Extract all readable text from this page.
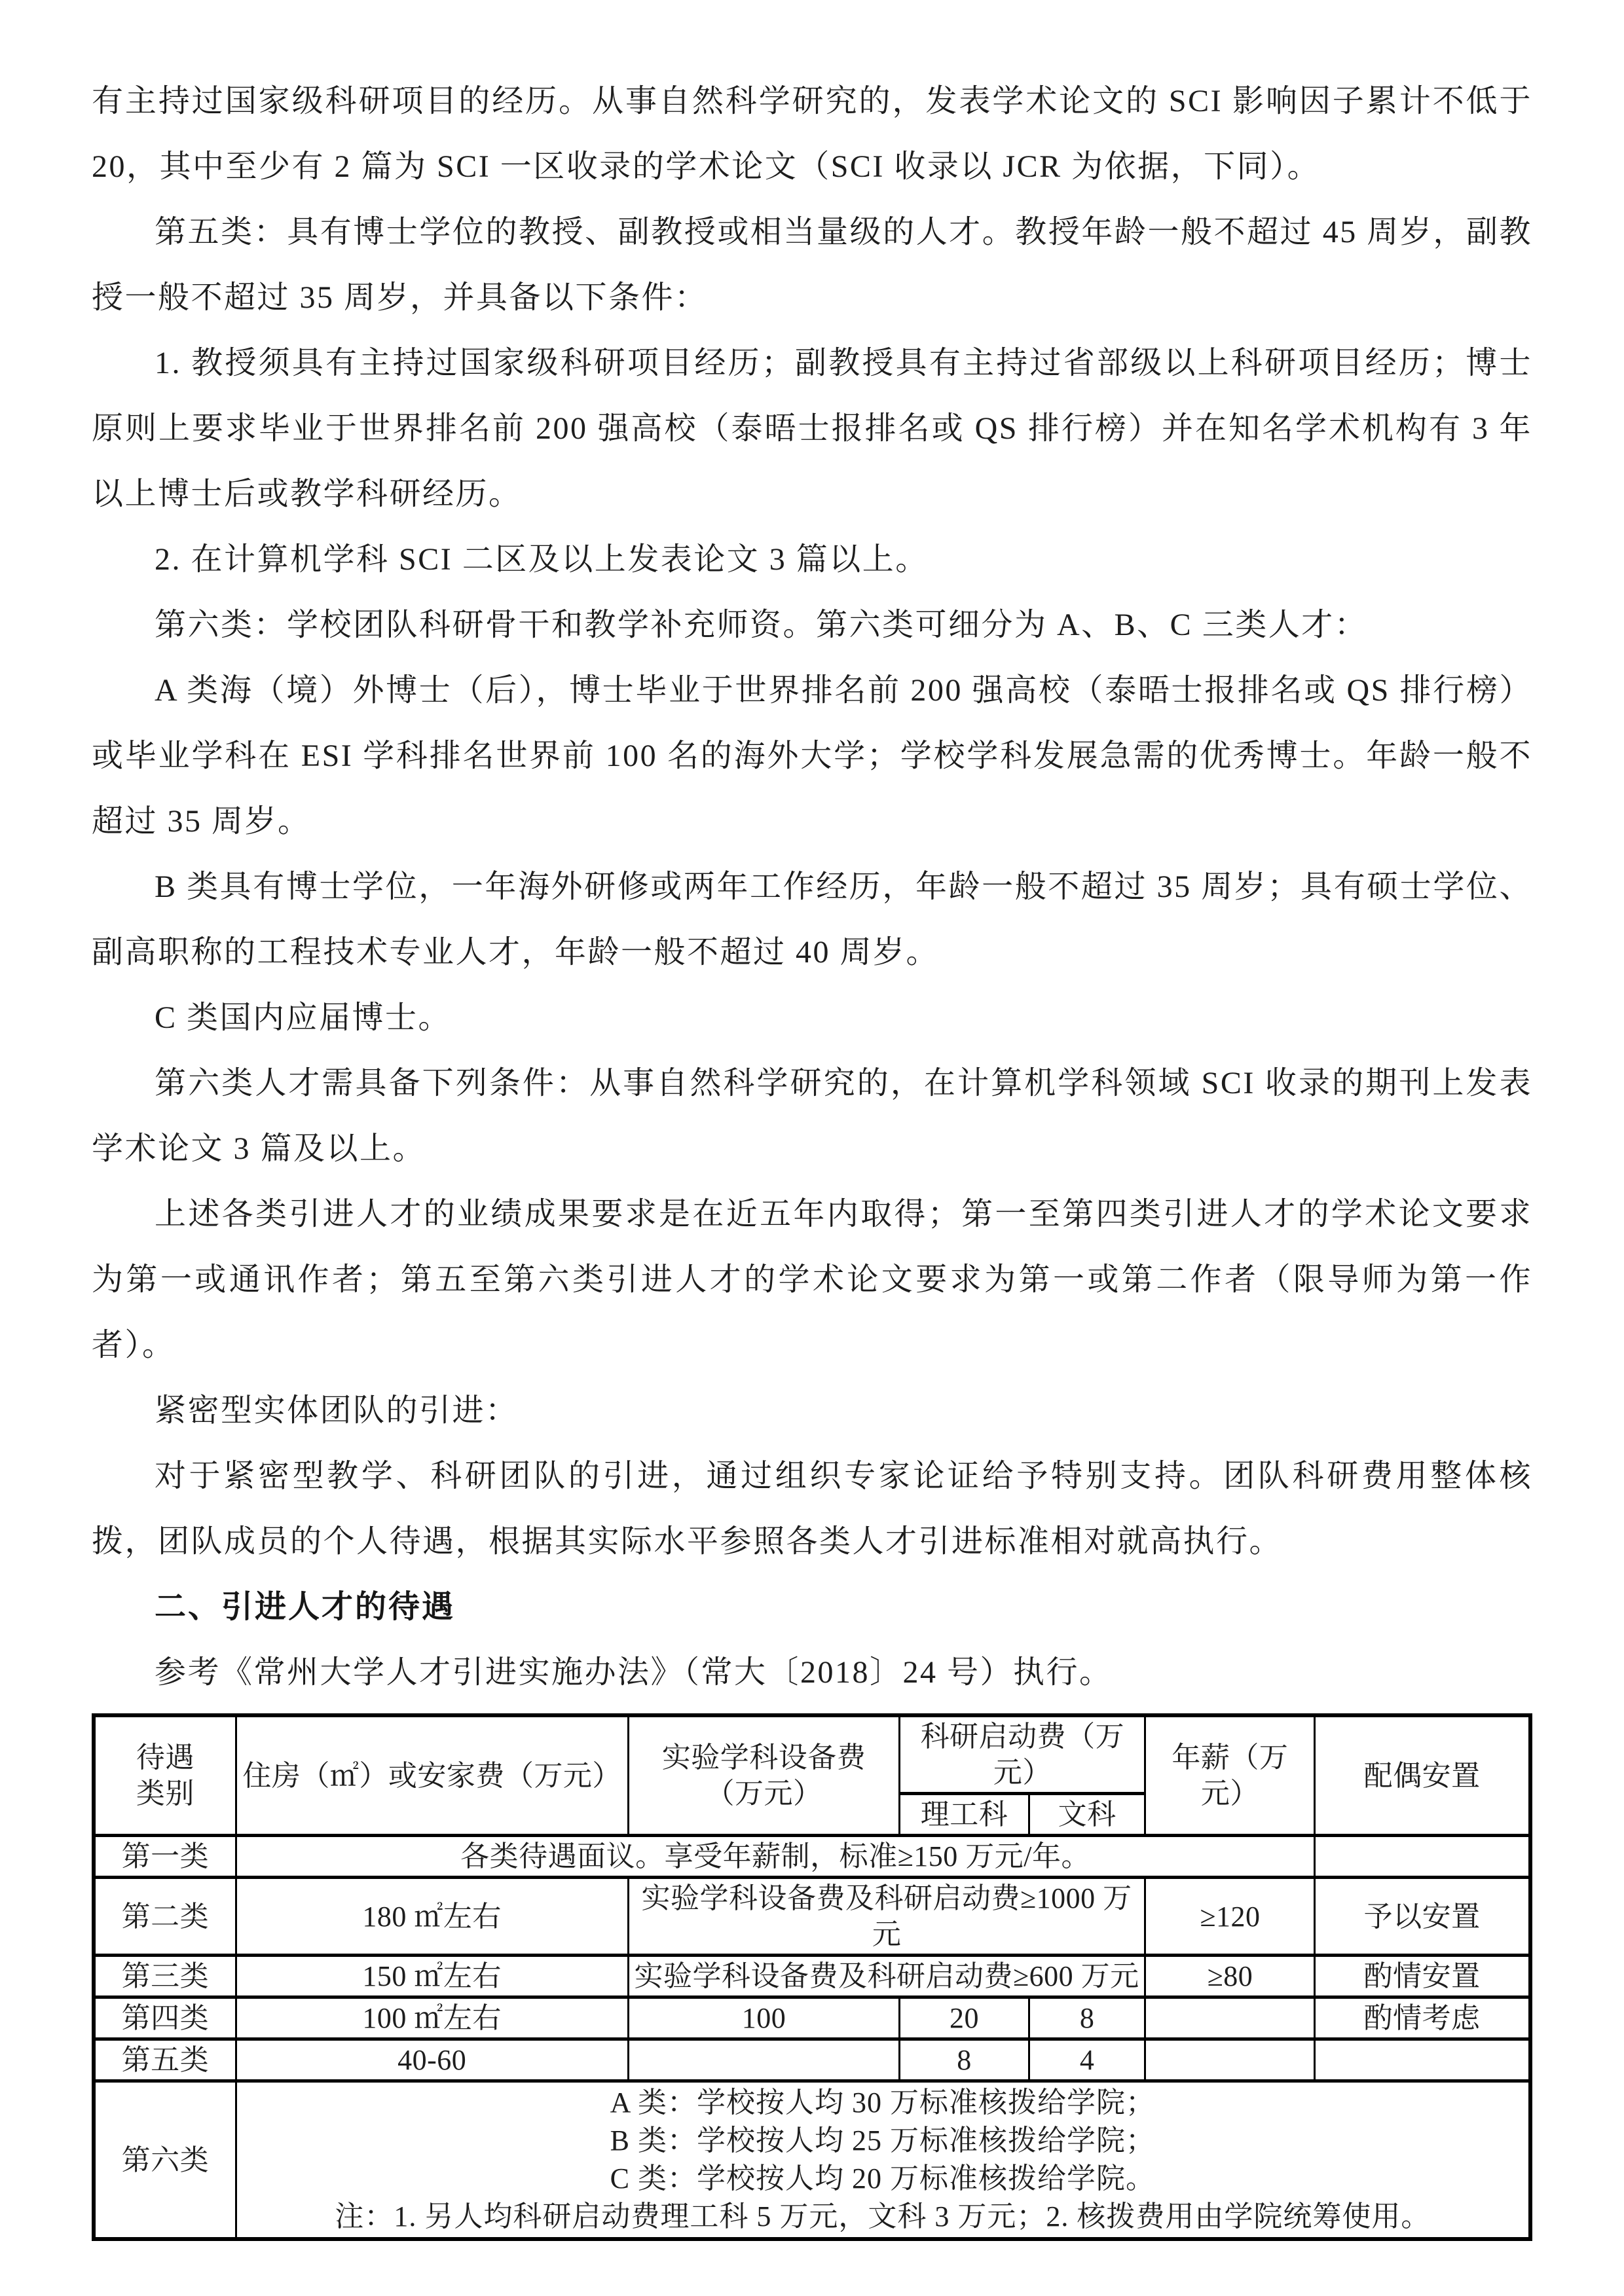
有主持过国家级科研项目的经历。从事自然科学研究的，发表学术论文的 SCI 影响因子累计不低于 20，其中至少有 2 篇为 SCI 一区收录的学术论文（SCI 收录以 JCR 为依据，下同）。

第五类：具有博士学位的教授、副教授或相当量级的人才。教授年龄一般不超过 45 周岁，副教授一般不超过 35 周岁，并具备以下条件：

1. 教授须具有主持过国家级科研项目经历；副教授具有主持过省部级以上科研项目经历；博士原则上要求毕业于世界排名前 200 强高校（泰晤士报排名或 QS 排行榜）并在知名学术机构有 3 年以上博士后或教学科研经历。

2. 在计算机学科 SCI 二区及以上发表论文 3 篇以上。

第六类：学校团队科研骨干和教学补充师资。第六类可细分为 A、B、C 三类人才：

A 类海（境）外博士（后），博士毕业于世界排名前 200 强高校（泰晤士报排名或 QS 排行榜）或毕业学科在 ESI 学科排名世界前 100 名的海外大学；学校学科发展急需的优秀博士。年龄一般不超过 35 周岁。

B 类具有博士学位，一年海外研修或两年工作经历，年龄一般不超过 35 周岁；具有硕士学位、副高职称的工程技术专业人才，年龄一般不超过 40 周岁。

C 类国内应届博士。

第六类人才需具备下列条件：从事自然科学研究的，在计算机学科领域 SCI 收录的期刊上发表学术论文 3 篇及以上。

上述各类引进人才的业绩成果要求是在近五年内取得；第一至第四类引进人才的学术论文要求为第一或通讯作者；第五至第六类引进人才的学术论文要求为第一或第二作者（限导师为第一作者）。

紧密型实体团队的引进：

对于紧密型教学、科研团队的引进，通过组织专家论证给予特别支持。团队科研费用整体核拨，团队成员的个人待遇，根据其实际水平参照各类人才引进标准相对就高执行。

二、引进人才的待遇

参考《常州大学人才引进实施办法》（常大〔2018〕24 号）执行。

待遇类别	住房（㎡）或安家费（万元）	实验学科设备费（万元）	科研启动费（万元）		年薪（万元）	配偶安置
			理工科	文科		
第一类	各类待遇面议。享受年薪制，标准≥150 万元/年。					
第二类	180 ㎡左右	实验学科设备费及科研启动费≥1000 万元			≥120	予以安置
第三类	150 ㎡左右	实验学科设备费及科研启动费≥600 万元			≥80	酌情安置
第四类	100 ㎡左右	100	20	8		酌情考虑
第五类	40-60		8	4		
第六类	A 类：学校按人均 30 万标准核拨给学院；
B 类：学校按人均 25 万标准核拨给学院；
C 类：学校按人均 20 万标准核拨给学院。
注：1. 另人均科研启动费理工科 5 万元，文科 3 万元；2. 核拨费用由学院统筹使用。					
